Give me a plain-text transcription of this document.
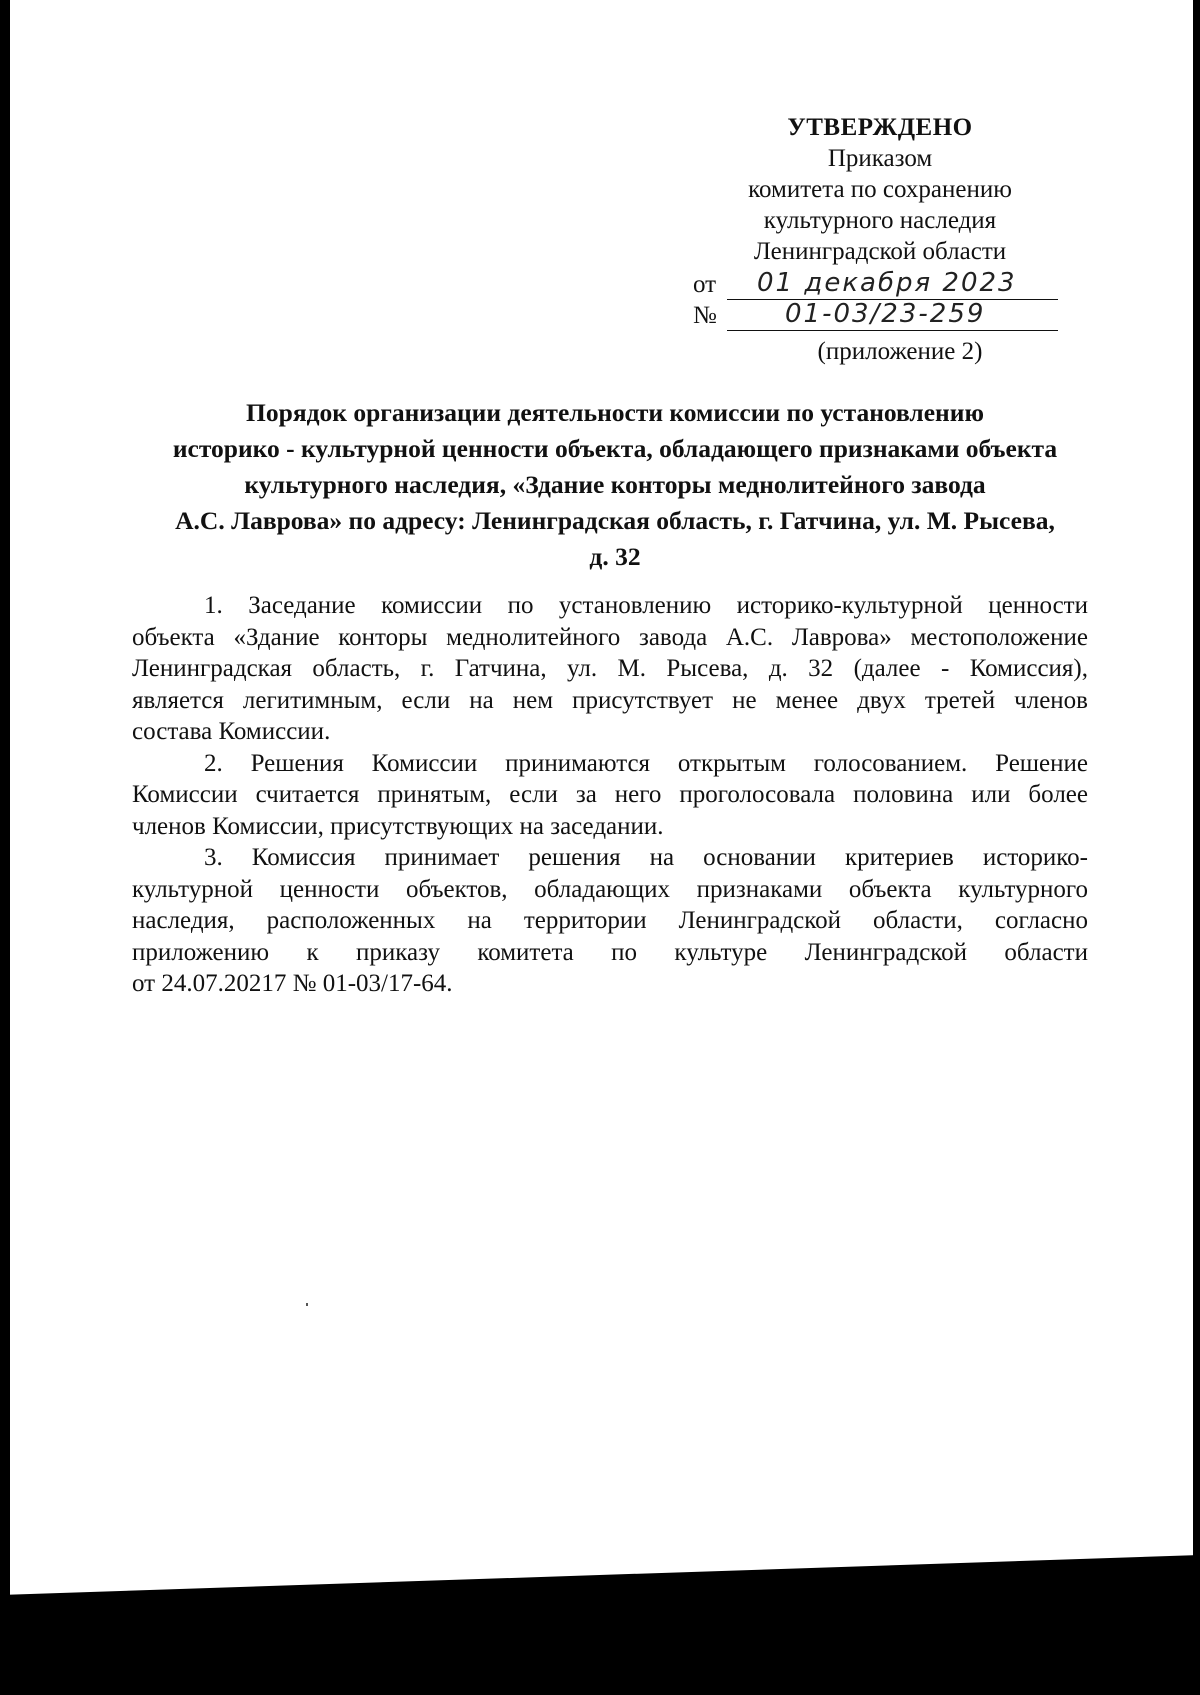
УТВЕРЖДЕНО
Приказом
комитета по сохранению
культурного наследия
Ленинградской области
от 01 декабря 2023
№	01-03/23-259
(приложение 2)
Порядок организации деятельности комиссии по установлению
историко - культурной ценности объекта, обладающего признаками объекта
культурного наследия, «Здание конторы меднолитейного завода
А.С. Лаврова» по адресу: Ленинградская область, г. Гатчина, ул. М. Рысева,
д. 32
1. Заседание комиссии по установлению историко-культурной ценности
объекта «Здание конторы меднолитейного завода А.С. Лаврова» местоположение
Ленинградская область, г. Гатчина, ул. М. Рысева, д. 32 (далее - Комиссия),
является легитимным, если на нем присутствует не менее двух третей членов
состава Комиссии.
2. Решения Комиссии принимаются открытым голосованием. Решение
Комиссии считается принятым, если за него проголосовала половина или более
членов Комиссии, присутствующих на заседании.
3. Комиссия принимает решения на основании критериев историко-
культурной ценности объектов, обладающих признаками объекта культурного
наследия, расположенных на территории Ленинградской области, согласно
приложению к приказу комитета по культуре Ленинградской области
от 24.07.20217 № 01-03/17-64.
